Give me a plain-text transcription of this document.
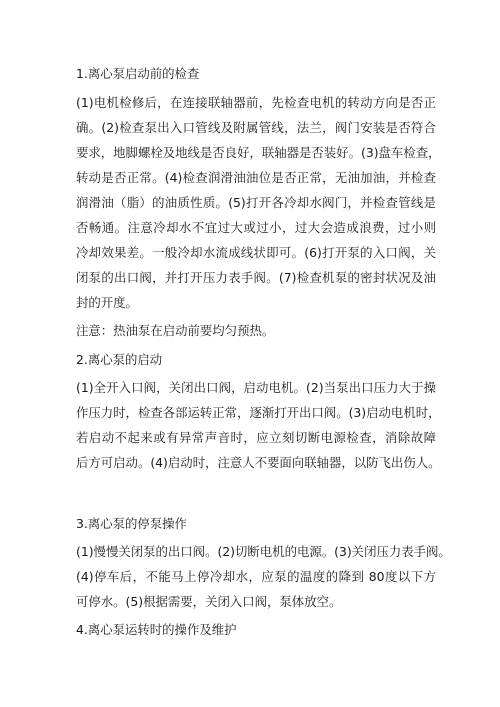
1.离心泵启动前的检查
(1)电机检修后，在连接联轴器前，先检查电机的转动方向是否正
确。(2)检查泵出入口管线及附属管线，法兰，阀门安装是否符合
要求，地脚螺栓及地线是否良好，联轴器是否装好。(3)盘车检查，
转动是否正常。(4)检查润滑油油位是否正常，无油加油，并检查
润滑油（脂）的油质性质。(5)打开各冷却水阀门，并检查管线是
否畅通。注意冷却水不宜过大或过小，过大会造成浪费，过小则
冷却效果差。一般冷却水流成线状即可。(6)打开泵的入口阀，关
闭泵的出口阀，并打开压力表手阀。(7)检查机泵的密封状况及油
封的开度。
注意：热油泵在启动前要均匀预热。
2.离心泵的启动
(1)全开入口阀，关闭出口阀，启动电机。(2)当泵出口压力大于操
作压力时，检查各部运转正常，逐渐打开出口阀。(3)启动电机时，
若启动不起来或有异常声音时，应立刻切断电源检查，消除故障
后方可启动。(4)启动时，注意人不要面向联轴器，以防飞出伤人。
3.离心泵的停泵操作
(1)慢慢关闭泵的出口阀。(2)切断电机的电源。(3)关闭压力表手阀。
(4)停车后，不能马上停冷却水，应泵的温度的降到 80度以下方
可停水。(5)根据需要，关闭入口阀，泵体放空。
4.离心泵运转时的操作及维护
